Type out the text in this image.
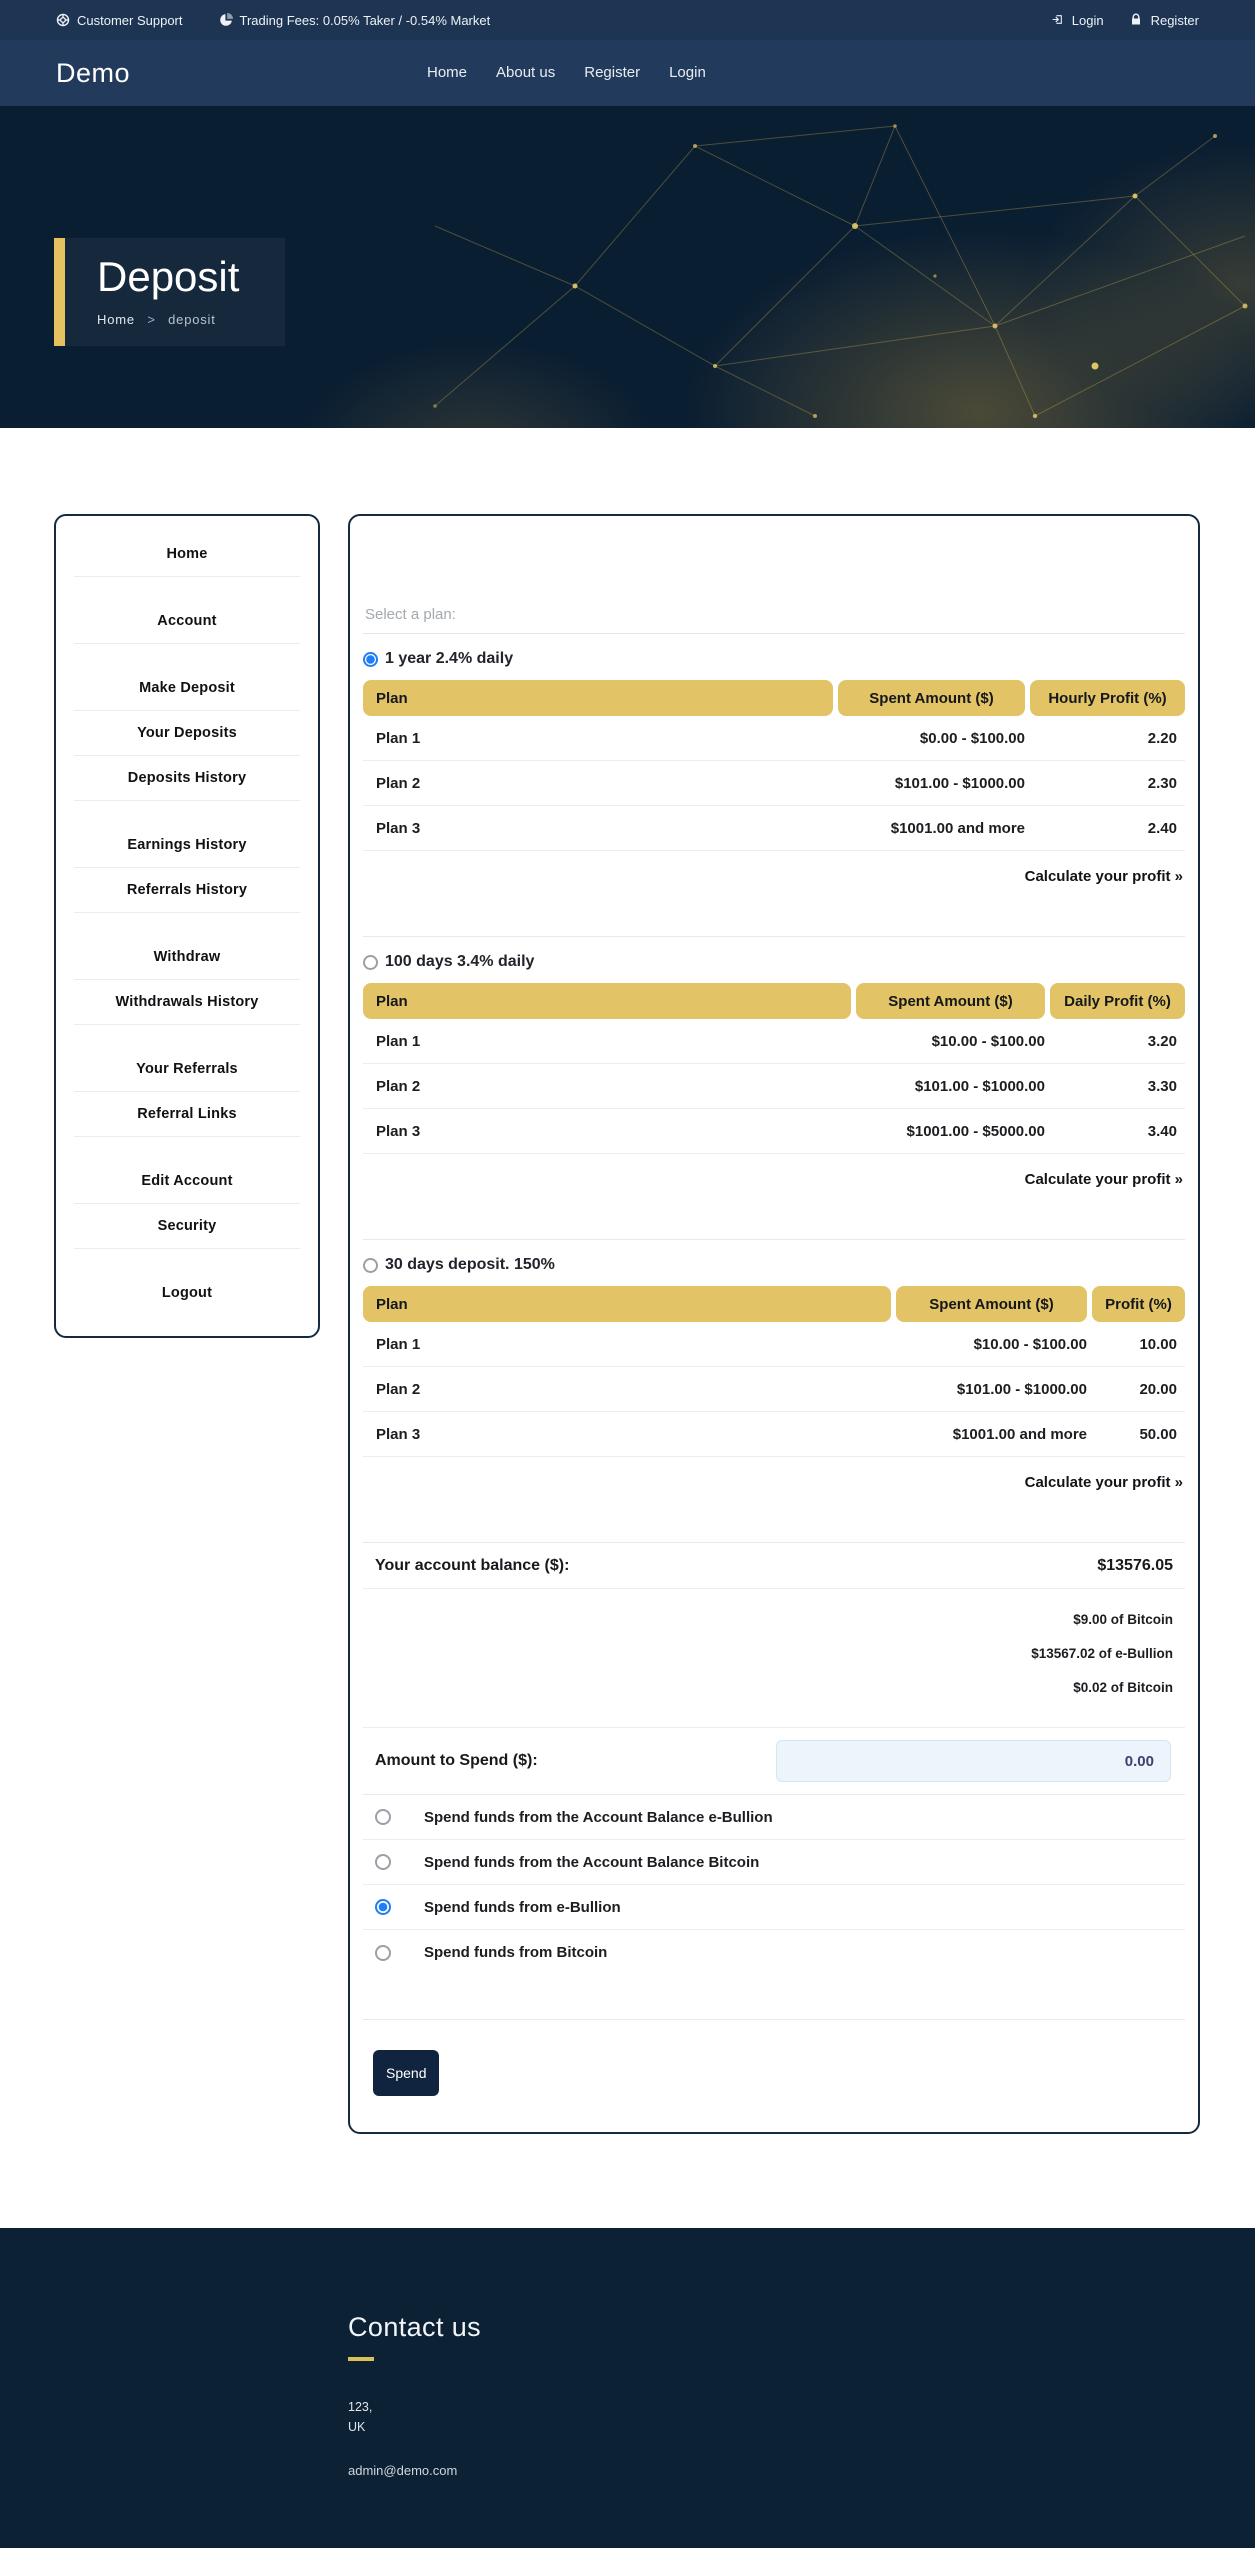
Customer Support	Trading Fees: 0.05% Taker / -0.54% Market	Login	Register
Demo	Home About us Register Login
Deposit
Home > deposit
Home
Account
Make Deposit
Your Deposits
Deposits History
Earnings History
Referrals History
Withdraw
Withdrawals History
Your Referrals
Referral Links
Edit Account
Security
Logout
Select a plan:
1 year 2.4% daily
Plan	Spent Amount ($)	Hourly Profit (%)
Plan 1	$0.00 - $100.00	2.20
Plan 2	$101.00 - $1000.00	2.30
Plan 3	$1001.00 and more	2.40
Calculate your profit »
100 days 3.4% daily
Plan	Spent Amount ($)	Daily Profit (%)
Plan 1	$10.00 - $100.00	3.20
Plan 2	$101.00 - $1000.00	3.30
Plan 3	$1001.00 - $5000.00	3.40
Calculate your profit »
30 days deposit. 150%
Plan	Spent Amount ($)	Profit (%)
Plan 1	$10.00 - $100.00	10.00
Plan 2	$101.00 - $1000.00	20.00
Plan 3	$1001.00 and more	50.00
Calculate your profit »
Your account balance ($):	$13576.05
$9.00 of Bitcoin
$13567.02 of e-Bullion
$0.02 of Bitcoin
Amount to Spend ($):
0.00
Spend funds from the Account Balance e-Bullion
Spend funds from the Account Balance Bitcoin
Spend funds from e-Bullion
Spend funds from Bitcoin
Spend
Contact us
123,
UK
admin@demo.com
